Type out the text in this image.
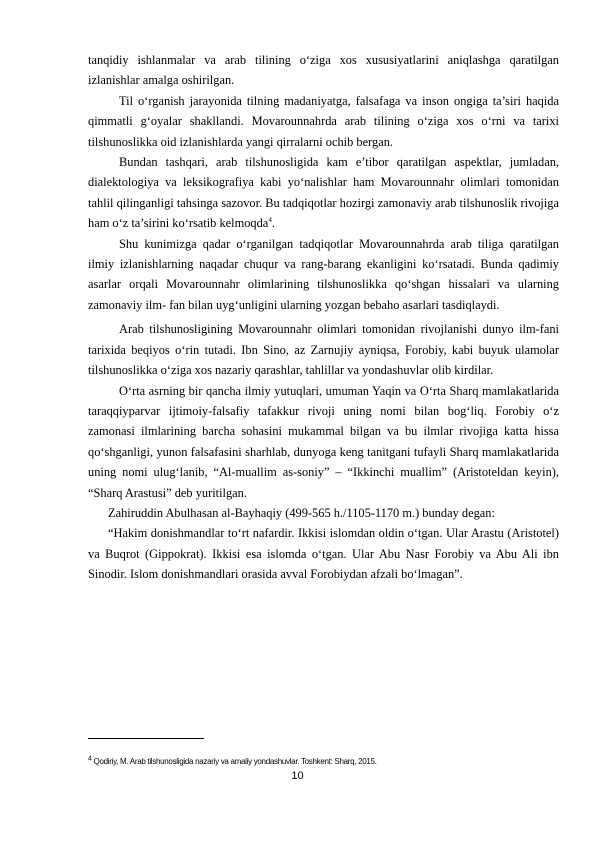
tanqidiy ishlanmalar va arab tilining o‘ziga xos xususiyatlarini aniqlashga qaratilgan izlanishlar amalga oshirilgan.

Til o‘rganish jarayonida tilning madaniyatga, falsafaga va inson ongiga ta’siri haqida qimmatli g‘oyalar shakllandi. Movarounnahrda arab tilining o‘ziga xos o‘rni va tarixi tilshunoslikka oid izlanishlarda yangi qirralarni ochib bergan.

Bundan tashqari, arab tilshunosligida kam e’tibor qaratilgan aspektlar, jumladan, dialektologiya va leksikografiya kabi yo‘nalishlar ham Movarounnahr olimlari tomonidan tahlil qilinganligi tahsinga sazovor. Bu tadqiqotlar hozirgi zamonaviy arab tilshunoslik rivojiga ham o‘z ta’sirini ko‘rsatib kelmoqda$^4$.

Shu kunimizga qadar o‘rganilgan tadqiqotlar Movarounnahrda arab tiliga qaratilgan ilmiy izlanishlarning naqadar chuqur va rang-barang ekanligini ko‘rsatadi. Bunda qadimiy asarlar orqali Movarounnahr olimlarining tilshunoslikka qo‘shgan hissalari va ularning zamonaviy ilm- fan bilan uyg‘unligini ularning yozgan bebaho asarlari tasdiqlaydi.

Arab tilshunosligining Movarounnahr olimlari tomonidan rivojlanishi dunyo ilm-fani tarixida beqiyos o‘rin tutadi. Ibn Sino, az Zarnujiy ayniqsa, Forobiy, kabi buyuk ulamolar tilshunoslikka o‘ziga xos nazariy qarashlar, tahlillar va yondashuvlar olib kirdilar.

O‘rta asrning bir qancha ilmiy yutuqlari, umuman Yaqin va O‘rta Sharq mamlakatlarida taraqqiyparvar ijtimoiy-falsafiy tafakkur rivoji uning nomi bilan bog‘liq. Forobiy o‘z zamonasi ilmlarining barcha sohasini mukammal bilgan va bu ilmlar rivojiga katta hissa qo‘shganligi, yunon falsafasini sharhlab, dunyoga keng tanitgani tufayli Sharq mamlakatlarida uning nomi ulug‘lanib, “Al-muallim as-soniy” – “Ikkinchi muallim” (Aristoteldan keyin), “Sharq Arastusi” deb yuritilgan.

Zahiruddin Abulhasan al-Bayhaqiy (499-565 h./1105-1170 m.) bunday degan:

“Hakim donishmandlar to‘rt nafardir. Ikkisi islomdan oldin o‘tgan. Ular Arastu (Aristotel) va Buqrot (Gippokrat). Ikkisi esa islomda o‘tgan. Ular Abu Nasr Forobiy va Abu Ali ibn Sinodir. Islom donishmandlari orasida avval Forobiydan afzali bo‘lmagan”.

4 Qodiriy, M. Arab tilshunosligida nazariy va amaliy yondashuvlar. Toshkent: Sharq, 2015.
10
